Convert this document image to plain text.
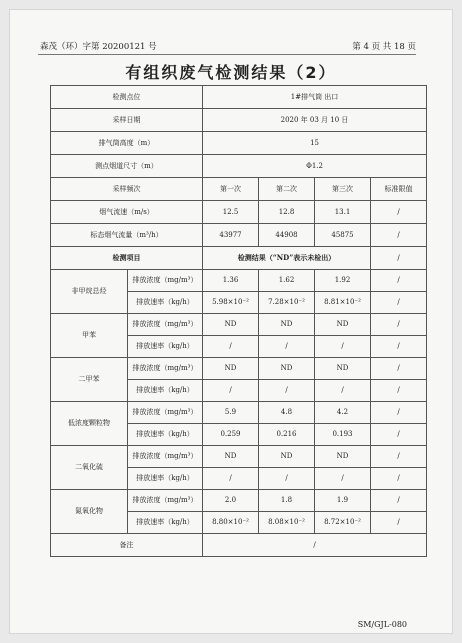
森茂（环）字第 20200121 号	第 4 页 共 18 页
有组织废气检测结果（2）
检测点位		1#排气筒 出口			
采样日期		2020 年 03 月 10 日			
排气筒高度（m）		15			
测点烟道尺寸（m）		Φ1.2			
采样频次		第一次	第二次	第三次	标准限值
烟气流速（m/s）		12.5	12.8	13.1	/
标态烟气流量（m³/h）		43977	44908	45875	/
检测项目		检测结果（“ND”表示未检出）			/
非甲烷总烃	排放浓度（mg/m³）	1.36	1.62	1.92	/
	排放速率（kg/h）	5.98×10⁻²	7.28×10⁻²	8.81×10⁻²	/
甲苯	排放浓度（mg/m³）	ND	ND	ND	/
	排放速率（kg/h）	/	/	/	/
二甲苯	排放浓度（mg/m³）	ND	ND	ND	/
	排放速率（kg/h）	/	/	/	/
低浓度颗粒物	排放浓度（mg/m³）	5.9	4.8	4.2	/
	排放速率（kg/h）	0.259	0.216	0.193	/
二氧化硫	排放浓度（mg/m³）	ND	ND	ND	/
	排放速率（kg/h）	/	/	/	/
氮氧化物	排放浓度（mg/m³）	2.0	1.8	1.9	/
	排放速率（kg/h）	8.80×10⁻²	8.08×10⁻²	8.72×10⁻²	/
备注		/			
SM/GJL-080
